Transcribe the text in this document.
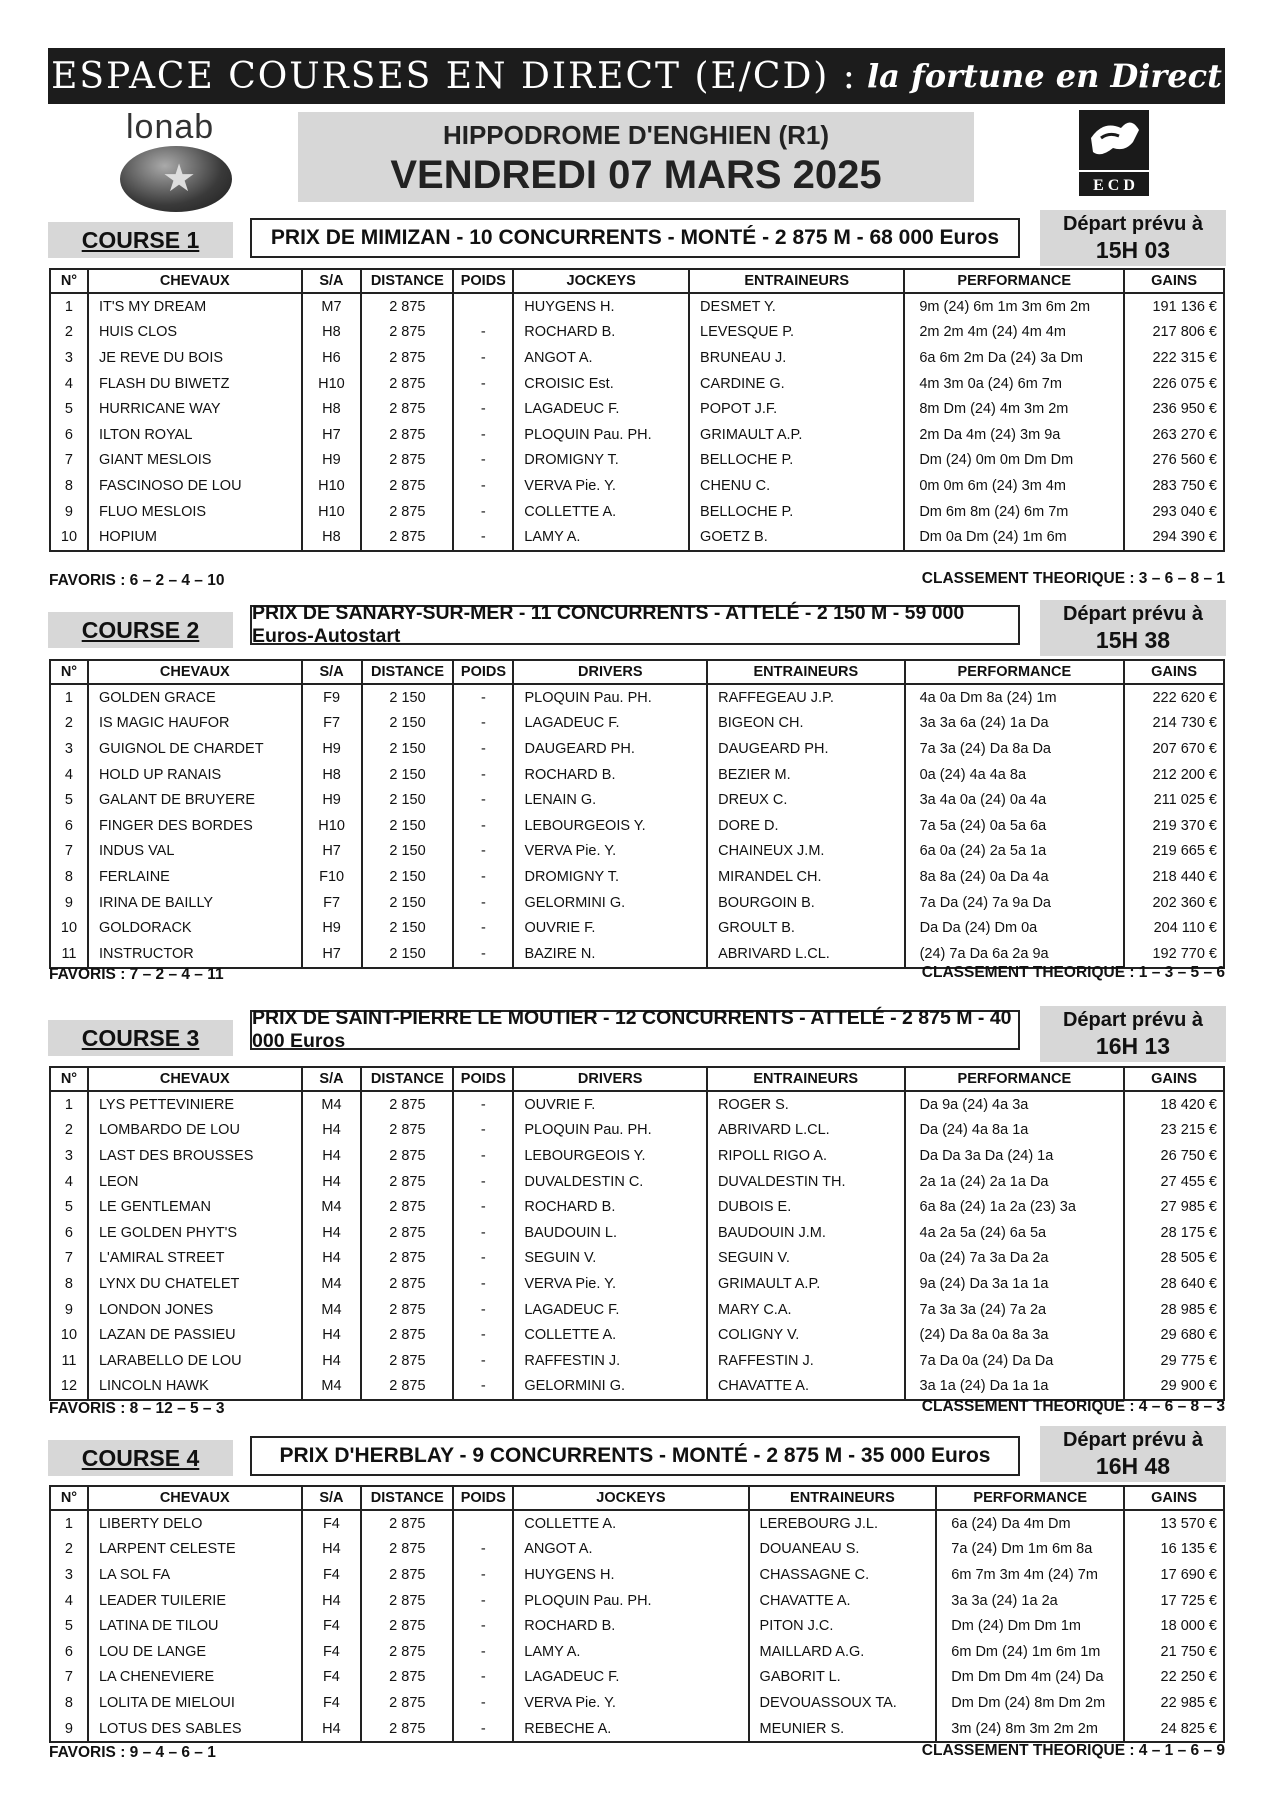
ESPACE COURSES EN DIRECT (E/CD) : la fortune en Direct
lonab
★	E C D
HIPPODROME D'ENGHIEN (R1)
VENDREDI 07 MARS 2025
COURSE 1	PRIX DE MIMIZAN - 10 CONCURRENTS - MONTÉ - 2 875 M - 68 000 Euros
Départ prévu à
15H 03
N°	CHEVAUX	S/A	DISTANCE	POIDS	JOCKEYS	ENTRAINEURS	PERFORMANCE	GAINS
1	IT'S MY DREAM	M7	2 875		HUYGENS H.	DESMET Y.	9m (24) 6m 1m 3m 6m 2m	191 136 €
2	HUIS CLOS	H8	2 875	-	ROCHARD B.	LEVESQUE P.	2m 2m 4m (24) 4m 4m	217 806 €
3	JE REVE DU BOIS	H6	2 875	-	ANGOT A.	BRUNEAU J.	6a 6m 2m Da (24) 3a Dm	222 315 €
4	FLASH DU BIWETZ	H10	2 875	-	CROISIC Est.	CARDINE G.	4m 3m 0a (24) 6m 7m	226 075 €
5	HURRICANE WAY	H8	2 875	-	LAGADEUC F.	POPOT J.F.	8m Dm (24) 4m 3m 2m	236 950 €
6	ILTON ROYAL	H7	2 875	-	PLOQUIN Pau. PH.	GRIMAULT A.P.	2m Da 4m (24) 3m 9a	263 270 €
7	GIANT MESLOIS	H9	2 875	-	DROMIGNY T.	BELLOCHE P.	Dm (24) 0m 0m Dm Dm	276 560 €
8	FASCINOSO DE LOU	H10	2 875	-	VERVA Pie. Y.	CHENU C.	0m 0m 6m (24) 3m 4m	283 750 €
9	FLUO MESLOIS	H10	2 875	-	COLLETTE A.	BELLOCHE P.	Dm 6m 8m (24) 6m 7m	293 040 €
10	HOPIUM	H8	2 875	-	LAMY A.	GOETZ B.	Dm 0a Dm (24) 1m 6m	294 390 €
FAVORIS : 6 – 2 – 4 – 10	CLASSEMENT THEORIQUE : 3 – 6 – 8 – 1
COURSE 2
PRIX DE SANARY-SUR-MER - 11 CONCURRENTS - ATTELÉ - 2 150 M - 59 000 Euros-Autostart
Départ prévu à
15H 38
N°	CHEVAUX	S/A	DISTANCE	POIDS	DRIVERS	ENTRAINEURS	PERFORMANCE	GAINS
1	GOLDEN GRACE	F9	2 150	-	PLOQUIN Pau. PH.	RAFFEGEAU J.P.	4a 0a Dm 8a (24) 1m	222 620 €
2	IS MAGIC HAUFOR	F7	2 150	-	LAGADEUC F.	BIGEON CH.	3a 3a 6a (24) 1a Da	214 730 €
3	GUIGNOL DE CHARDET	H9	2 150	-	DAUGEARD PH.	DAUGEARD PH.	7a 3a (24) Da 8a Da	207 670 €
4	HOLD UP RANAIS	H8	2 150	-	ROCHARD B.	BEZIER M.	0a (24) 4a 4a 8a	212 200 €
5	GALANT DE BRUYERE	H9	2 150	-	LENAIN G.	DREUX C.	3a 4a 0a (24) 0a 4a	211 025 €
6	FINGER DES BORDES	H10	2 150	-	LEBOURGEOIS Y.	DORE D.	7a 5a (24) 0a 5a 6a	219 370 €
7	INDUS VAL	H7	2 150	-	VERVA Pie. Y.	CHAINEUX J.M.	6a 0a (24) 2a 5a 1a	219 665 €
8	FERLAINE	F10	2 150	-	DROMIGNY T.	MIRANDEL CH.	8a 8a (24) 0a Da 4a	218 440 €
9	IRINA DE BAILLY	F7	2 150	-	GELORMINI G.	BOURGOIN B.	7a Da (24) 7a 9a Da	202 360 €
10	GOLDORACK	H9	2 150	-	OUVRIE F.	GROULT B.	Da Da (24) Dm 0a	204 110 €
11	INSTRUCTOR	H7	2 150	-	BAZIRE N.	ABRIVARD L.CL.	(24) 7a Da 6a 2a 9a	192 770 €
FAVORIS : 7 – 2 – 4 – 11	CLASSEMENT THEORIQUE : 1 – 3 – 5 – 6
COURSE 3
PRIX DE SAINT-PIERRE LE MOUTIER - 12 CONCURRENTS - ATTELÉ - 2 875 M - 40 000 Euros
Départ prévu à
16H 13
N°	CHEVAUX	S/A	DISTANCE	POIDS	DRIVERS	ENTRAINEURS	PERFORMANCE	GAINS
1	LYS PETTEVINIERE	M4	2 875	-	OUVRIE F.	ROGER S.	Da 9a (24) 4a 3a	18 420 €
2	LOMBARDO DE LOU	H4	2 875	-	PLOQUIN Pau. PH.	ABRIVARD L.CL.	Da (24) 4a 8a 1a	23 215 €
3	LAST DES BROUSSES	H4	2 875	-	LEBOURGEOIS Y.	RIPOLL RIGO A.	Da Da 3a Da (24) 1a	26 750 €
4	LEON	H4	2 875	-	DUVALDESTIN C.	DUVALDESTIN TH.	2a 1a (24) 2a 1a Da	27 455 €
5	LE GENTLEMAN	M4	2 875	-	ROCHARD B.	DUBOIS E.	6a 8a (24) 1a 2a (23) 3a	27 985 €
6	LE GOLDEN PHYT'S	H4	2 875	-	BAUDOUIN L.	BAUDOUIN J.M.	4a 2a 5a (24) 6a 5a	28 175 €
7	L'AMIRAL STREET	H4	2 875	-	SEGUIN V.	SEGUIN V.	0a (24) 7a 3a Da 2a	28 505 €
8	LYNX DU CHATELET	M4	2 875	-	VERVA Pie. Y.	GRIMAULT A.P.	9a (24) Da 3a 1a 1a	28 640 €
9	LONDON JONES	M4	2 875	-	LAGADEUC F.	MARY C.A.	7a 3a 3a (24) 7a 2a	28 985 €
10	LAZAN DE PASSIEU	H4	2 875	-	COLLETTE A.	COLIGNY V.	(24) Da 8a 0a 8a 3a	29 680 €
11	LARABELLO DE LOU	H4	2 875	-	RAFFESTIN J.	RAFFESTIN J.	7a Da 0a (24) Da Da	29 775 €
12	LINCOLN HAWK	M4	2 875	-	GELORMINI G.	CHAVATTE A.	3a 1a (24) Da 1a 1a	29 900 €
FAVORIS : 8 – 12 – 5 – 3	CLASSEMENT THEORIQUE : 4 – 6 – 8 – 3
COURSE 4	PRIX D'HERBLAY - 9 CONCURRENTS - MONTÉ - 2 875 M - 35 000 Euros
Départ prévu à
16H 48
N°	CHEVAUX	S/A	DISTANCE	POIDS	JOCKEYS	ENTRAINEURS	PERFORMANCE	GAINS
1	LIBERTY DELO	F4	2 875		COLLETTE A.	LEREBOURG J.L.	6a (24) Da 4m Dm	13 570 €
2	LARPENT CELESTE	H4	2 875	-	ANGOT A.	DOUANEAU S.	7a (24) Dm 1m 6m 8a	16 135 €
3	LA SOL FA	F4	2 875	-	HUYGENS H.	CHASSAGNE C.	6m 7m 3m 4m (24) 7m	17 690 €
4	LEADER TUILERIE	H4	2 875	-	PLOQUIN Pau. PH.	CHAVATTE A.	3a 3a (24) 1a 2a	17 725 €
5	LATINA DE TILOU	F4	2 875	-	ROCHARD B.	PITON J.C.	Dm (24) Dm Dm 1m	18 000 €
6	LOU DE LANGE	F4	2 875	-	LAMY A.	MAILLARD A.G.	6m Dm (24) 1m 6m 1m	21 750 €
7	LA CHENEVIERE	F4	2 875	-	LAGADEUC F.	GABORIT L.	Dm Dm Dm 4m (24) Da	22 250 €
8	LOLITA DE MIELOUI	F4	2 875	-	VERVA Pie. Y.	DEVOUASSOUX TA.	Dm Dm (24) 8m Dm 2m	22 985 €
9	LOTUS DES SABLES	H4	2 875	-	REBECHE A.	MEUNIER S.	3m (24) 8m 3m 2m 2m	24 825 €
FAVORIS : 9 – 4 – 6 – 1	CLASSEMENT THEORIQUE : 4 – 1 – 6 – 9
